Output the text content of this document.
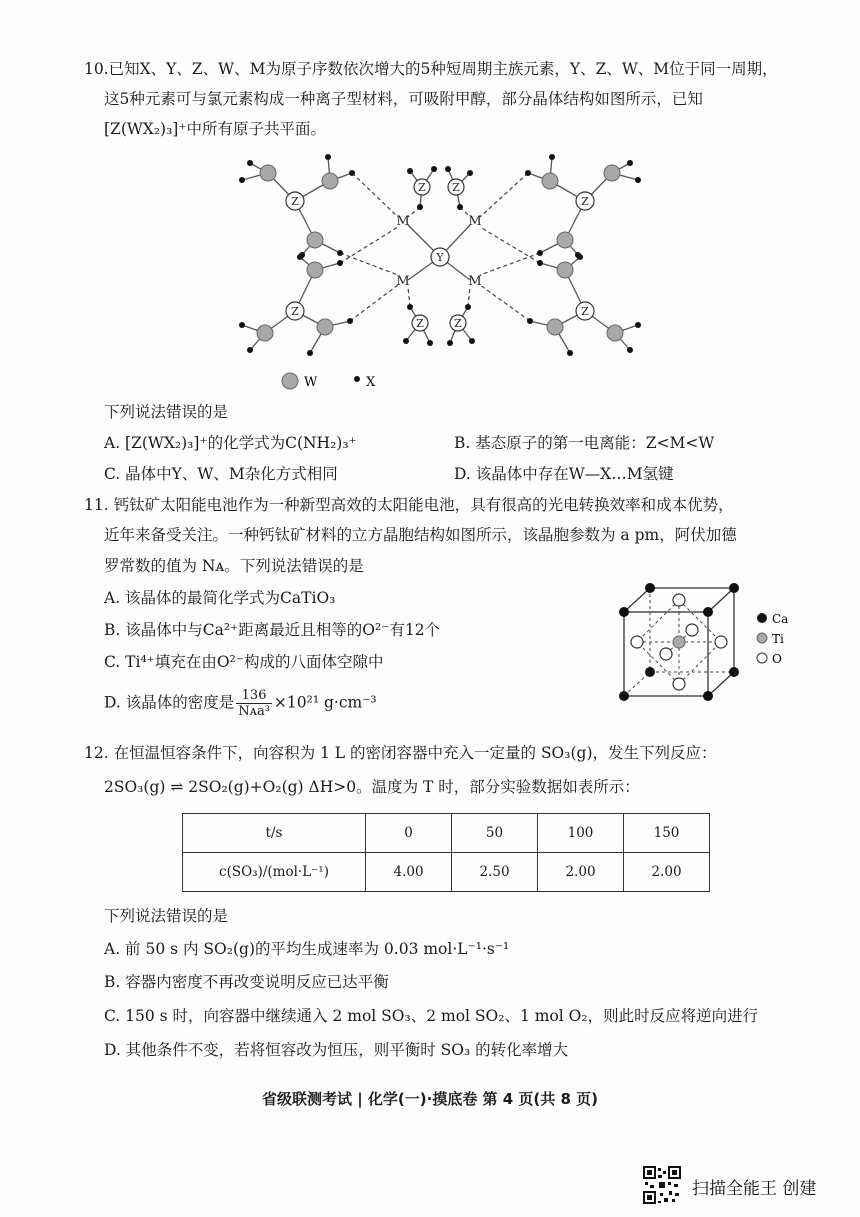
10.已知X、Y、Z、W、M为原子序数依次增大的5种短周期主族元素，Y、Z、W、M位于同一周期，
这5种元素可与氯元素构成一种离子型材料，可吸附甲醇，部分晶体结构如图所示，已知
[Z(WX₂)₃]⁺中所有原子共平面。
Z
Z
Z
Z
Z Z
Z	Z
Y
M	M
M	M
W	X
下列说法错误的是
A. [Z(WX₂)₃]⁺的化学式为C(NH₂)₃⁺	B. 基态原子的第一电离能：Z<M<W
C. 晶体中Y、W、M杂化方式相同	D. 该晶体中存在W—X…M氢键
11. 钙钛矿太阳能电池作为一种新型高效的太阳能电池，具有很高的光电转换效率和成本优势，
近年来备受关注。一种钙钛矿材料的立方晶胞结构如图所示，该晶胞参数为 a pm，阿伏加德
罗常数的值为 Nᴀ。下列说法错误的是
A. 该晶体的最简化学式为CaTiO₃
B. 该晶体中与Ca²⁺距离最近且相等的O²⁻有12个
C. Ti⁴⁺填充在由O²⁻构成的八面体空隙中
D. 该晶体的密度是 $\frac{136}{\text{Nᴀa³}} \times 10^{21}$ g·cm⁻³
Ca
Ti
O
12. 在恒温恒容条件下，向容积为 1 L 的密闭容器中充入一定量的 SO₃(g)，发生下列反应：
2SO₃(g) ⇌ 2SO₂(g)+O₂(g) ΔH>0。温度为 T 时，部分实验数据如表所示：
t/s	0	50	100	150
c(SO₃)/(mol·L⁻¹)	4.00	2.50	2.00	2.00
下列说法错误的是
A. 前 50 s 内 SO₂(g)的平均生成速率为 0.03 mol·L⁻¹·s⁻¹
B. 容器内密度不再改变说明反应已达平衡
C. 150 s 时，向容器中继续通入 2 mol SO₃、2 mol SO₂、1 mol O₂，则此时反应将逆向进行
D. 其他条件不变，若将恒容改为恒压，则平衡时 SO₃ 的转化率增大
省级联测考试 | 化学(一)·摸底卷 第 4 页(共 8 页)
扫描全能王 创建
